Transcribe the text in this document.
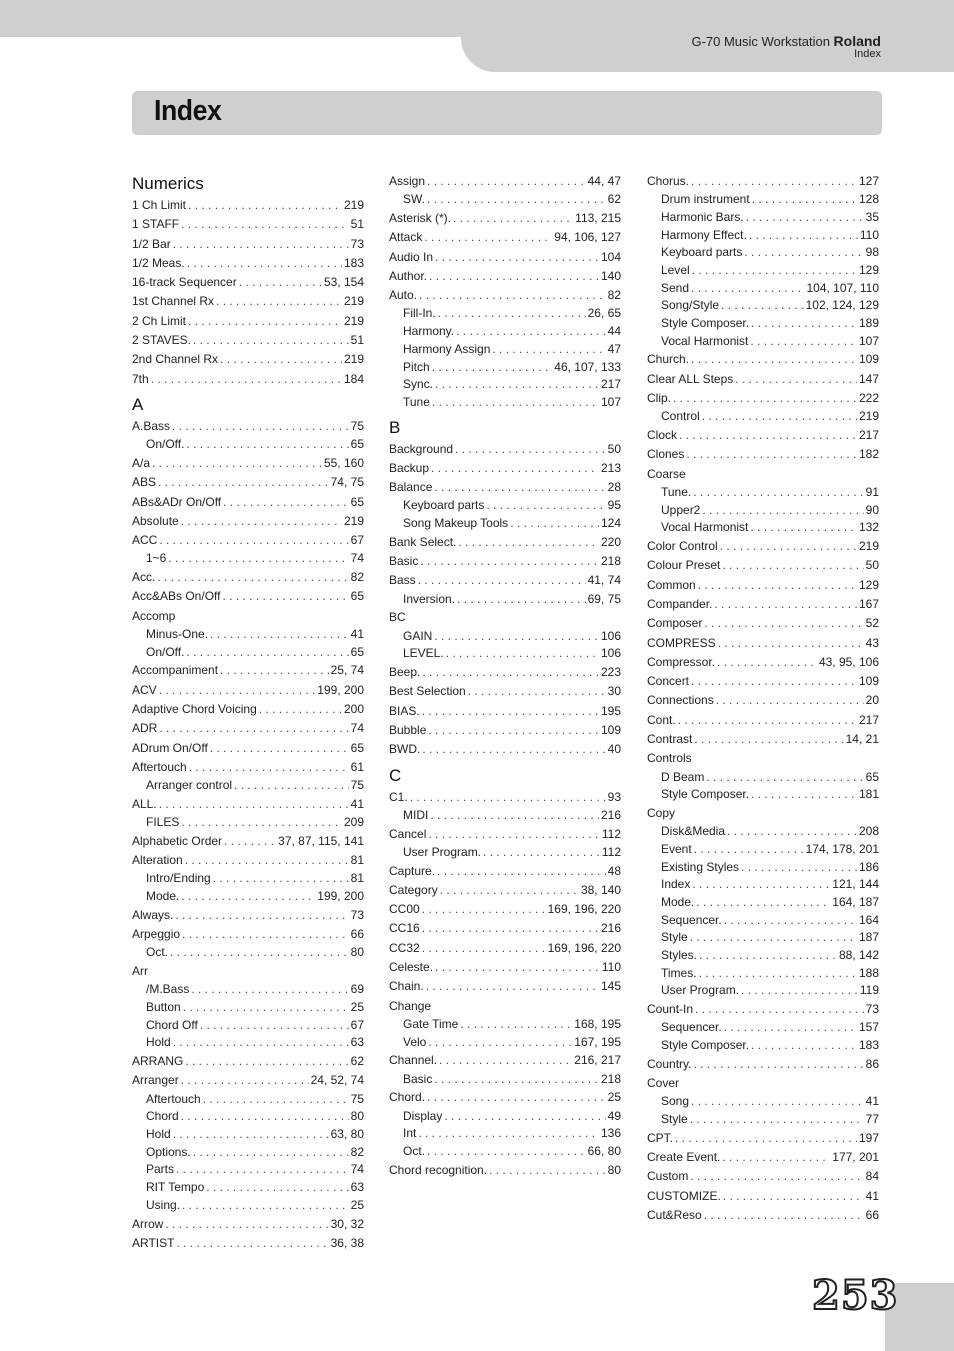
G-70 Music Workstation Roland
Index
Index
Numerics
1 Ch Limit . . .	219
1 STAFF . . .	51
1/2 Bar . . .	73
1/2 Meas. . . .	183
16-track Sequencer . . .	53, 154
1st Channel Rx . . .	219
2 Ch Limit . . .	219
2 STAVES. . . .	51
2nd Channel Rx . . .	219
7th . . .	184
A
A.Bass . . .	75
On/Off. . . .	65
A/a . . .	55, 160
ABS . . .	74, 75
ABs&ADr On/Off . . .	65
Absolute . . .	219
ACC . . .	67
1~6 . . .	74
Acc. . . .	82
Acc&ABs On/Off . . .	65
Accomp
Minus-One. . . .	41
On/Off. . . .	65
Accompaniment . . .	25, 74
ACV . . .	199, 200
Adaptive Chord Voicing . . .	200
ADR . . .	74
ADrum On/Off . . .	65
Aftertouch . . .	61
Arranger control . . .	75
ALL. . . .	41
FILES . . .	209
Alphabetic Order . . .	37, 87, 115, 141
Alteration . . .	81
Intro/Ending . . .	81
Mode. . . .	199, 200
Always. . . .	73
Arpeggio . . .	66
Oct. . . .	80
Arr
/M.Bass . . .	69
Button . . .	25
Chord Off . . .	67
Hold . . .	63
ARRANG . . .	62
Arranger . . .	24, 52, 74
Aftertouch . . .	75
Chord . . .	80
Hold . . .	63, 80
Options. . . .	82
Parts . . .	74
RIT Tempo . . .	63
Using. . . .	25
Arrow . . .	30, 32
ARTIST . . .	36, 38
Assign . . .	44, 47
SW. . . .	62
Asterisk (*). . . .	113, 215
Attack . . .	94, 106, 127
Audio In . . .	104
Author. . . .	140
Auto. . . .	82
Fill-In. . . .	26, 65
Harmony. . . .	44
Harmony Assign . . .	47
Pitch . . .	46, 107, 133
Sync. . . .	217
Tune . . .	107
B
Background . . .	50
Backup . . .	213
Balance . . .	28
Keyboard parts . . .	95
Song Makeup Tools . . .	124
Bank Select. . . .	220
Basic . . .	218
Bass . . .	41, 74
Inversion. . . .	69, 75
BC
GAIN . . .	106
LEVEL. . . .	106
Beep. . . .	223
Best Selection . . .	30
BIAS. . . .	195
Bubble . . .	109
BWD. . . .	40
C
C1. . . .	93
MIDI . . .	216
Cancel . . .	112
User Program. . . .	112
Capture. . . .	48
Category . . .	38, 140
CC00 . . .	169, 196, 220
CC16 . . .	216
CC32 . . .	169, 196, 220
Celeste. . . .	110
Chain. . . .	145
Change
Gate Time . . .	168, 195
Velo . . .	167, 195
Channel. . . .	216, 217
Basic . . .	218
Chord. . . .	25
Display . . .	49
Int . . .	136
Oct. . . .	66, 80
Chord recognition. . . .	80
Chorus. . . .	127
Drum instrument . . .	128
Harmonic Bars. . . .	35
Harmony Effect. . . .	110
Keyboard parts . . .	98
Level . . .	129
Send . . .	104, 107, 110
Song/Style . . .	102, 124, 129
Style Composer. . . .	189
Vocal Harmonist . . .	107
Church. . . .	109
Clear ALL Steps . . .	147
Clip. . . .	222
Control . . .	219
Clock . . .	217
Clones . . .	182
Coarse
Tune. . . .	91
Upper2 . . .	90
Vocal Harmonist . . .	132
Color Control . . .	219
Colour Preset . . .	50
Common . . .	129
Compander. . . .	167
Composer . . .	52
COMPRESS . . .	43
Compressor. . . .	43, 95, 106
Concert . . .	109
Connections . . .	20
Cont. . . .	217
Contrast . . .	14, 21
Controls
D Beam . . .	65
Style Composer. . . .	181
Copy
Disk&Media . . .	208
Event . . .	174, 178, 201
Existing Styles . . .	186
Index . . .	121, 144
Mode. . . .	164, 187
Sequencer. . . .	164
Style . . .	187
Styles. . . .	88, 142
Times. . . .	188
User Program. . . .	119
Count-In . . .	73
Sequencer. . . .	157
Style Composer. . . .	183
Country. . . .	86
Cover
Song . . .	41
Style . . .	77
CPT. . . .	197
Create Event. . . .	177, 201
Custom . . .	84
CUSTOMIZE. . . .	41
Cut&Reso . . .	66
253
